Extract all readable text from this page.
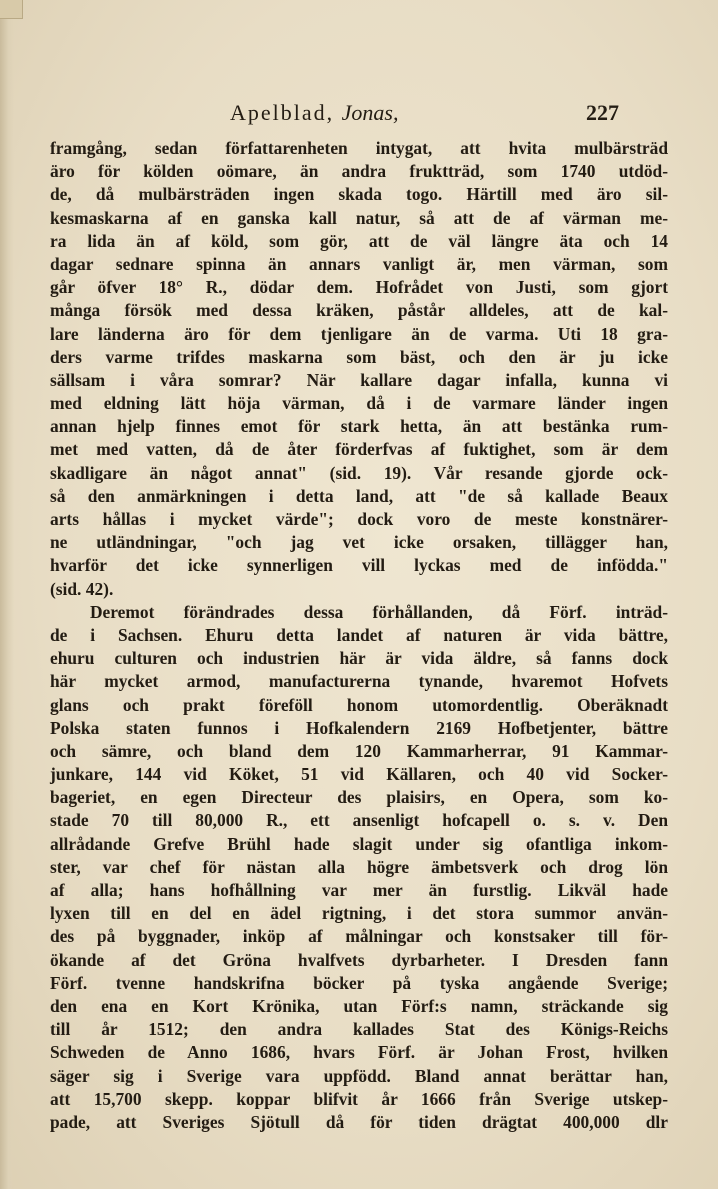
Apelblad, Jonas,	227
framgång, sedan författarenheten intygat, att hvita mulbärsträd
äro för kölden oömare, än andra fruktträd, som 1740 utdöd-
de, då mulbärsträden ingen skada togo. Härtill med äro sil-
kesmaskarna af en ganska kall natur, så att de af värman me-
ra lida än af köld, som gör, att de väl längre äta och 14
dagar sednare spinna än annars vanligt är, men värman, som
går öfver 18° R., dödar dem. Hofrådet von Justi, som gjort
många försök med dessa kräken, påstår alldeles, att de kal-
lare länderna äro för dem tjenligare än de varma. Uti 18 gra-
ders varme trifdes maskarna som bäst, och den är ju icke
sällsam i våra somrar? När kallare dagar infalla, kunna vi
med eldning lätt höja värman, då i de varmare länder ingen
annan hjelp finnes emot för stark hetta, än att bestänka rum-
met med vatten, då de åter förderfvas af fuktighet, som är dem
skadligare än något annat" (sid. 19). Vår resande gjorde ock-
så den anmärkningen i detta land, att "de så kallade Beaux
arts hållas i mycket värde"; dock voro de meste konstnärer-
ne utländningar, "och jag vet icke orsaken, tillägger han,
hvarför det icke synnerligen vill lyckas med de infödda."
(sid. 42).
Deremot förändrades dessa förhållanden, då Förf. inträd-
de i Sachsen. Ehuru detta landet af naturen är vida bättre,
ehuru culturen och industrien här är vida äldre, så fanns dock
här mycket armod, manufacturerna tynande, hvaremot Hofvets
glans och prakt föreföll honom utomordentlig. Oberäknadt
Polska staten funnos i Hofkalendern 2169 Hofbetjenter, bättre
och sämre, och bland dem 120 Kammarherrar, 91 Kammar-
junkare, 144 vid Köket, 51 vid Källaren, och 40 vid Socker-
bageriet, en egen Directeur des plaisirs, en Opera, som ko-
stade 70 till 80,000 R., ett ansenligt hofcapell o. s. v. Den
allrådande Grefve Brühl hade slagit under sig ofantliga inkom-
ster, var chef för nästan alla högre ämbetsverk och drog lön
af alla; hans hofhållning var mer än furstlig. Likväl hade
lyxen till en del en ädel rigtning, i det stora summor använ-
des på byggnader, inköp af målningar och konstsaker till för-
ökande af det Gröna hvalfvets dyrbarheter. I Dresden fann
Förf. tvenne handskrifna böcker på tyska angående Sverige;
den ena en Kort Krönika, utan Förf:s namn, sträckande sig
till år 1512; den andra kallades Stat des Königs-Reichs
Schweden de Anno 1686, hvars Förf. är Johan Frost, hvilken
säger sig i Sverige vara uppfödd. Bland annat berättar han,
att 15,700 skepp. koppar blifvit år 1666 från Sverige utskep-
pade, att Sveriges Sjötull då för tiden drägtat 400,000 dlr
